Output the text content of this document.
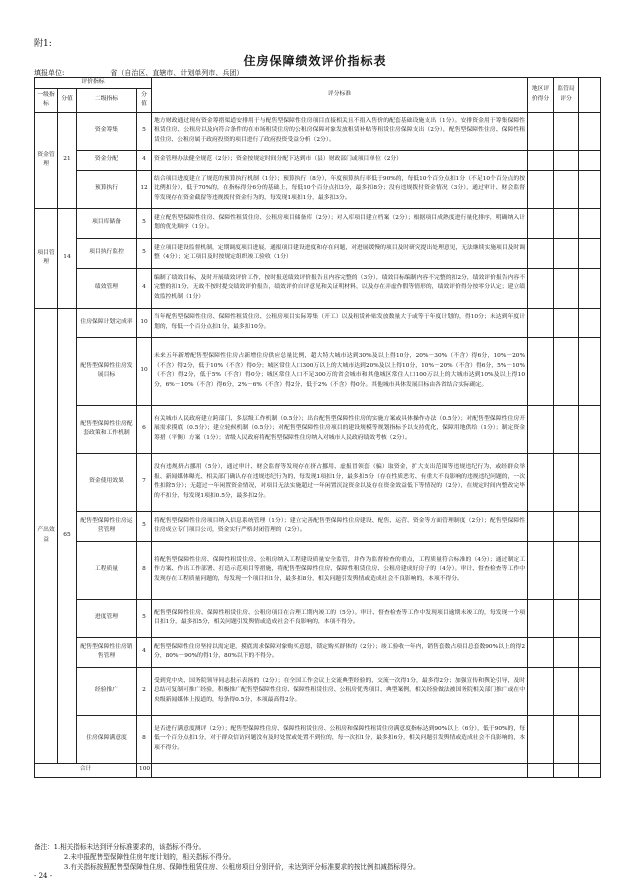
附1:
住房保障绩效评价指标表
填报单位:	省（自治区、直辖市、计划单列市、兵团）
评价指标				评分标准	地区评价得分	监管局评分	
一级指标	分值	二级指标	分值				
资金管理	21	资金筹集	5	地方财政通过现有资金筹措渠道安排用于与配售型保障性住房项目直接相关且不捐入售价的配套基础设施支出（1分）。安排资金用于筹集保障性租赁住房、公租房以及向符合条件的在市场租赁住房的公租房保障对象发放租赁补贴等租赁住房保障支出（2分），配售型保障性住房、保障性租赁住房、公租房属于政府投资的项目进行了政府投资受益分析（2分）。			
		资金分配	4	资金管理办法健全规范（2分）；资金按规定时间分配下达到市（县）财政部门或项目单位（2分）			
		预算执行	12	结合项目进度建立了规范的预算执行机制（1分）；预算执行（8分），年度预算执行率低于90%的，每低10个百分点扣1分（不足10个百分点的按比例扣分），低于70%的，在指标得分6分的基础上，每低10个百分点扣3分，最多扣8分；没有违规拨付资金情况（3分），通过审计、财会监督等发现存在资金截留等违规拨付资金行为的，每发现1项扣1分，最多扣3分。			
项目管理	14	项目库储备	5	建立配售型保障性住房、保障性租赁住房、公租房项目储备库（2分）；对入库项目建立档案（2分）；根据项目成熟度进行量化排序，明确纳入计划的优先顺序（1分）。			
		项目执行监控	5	建立项目建设监督机制，定期调度项目进展，通报项目建设进度和存在问题，对进展缓慢的项目及时研究提出处理意见，无法继续实施项目及时调整（4分）；定工项目及时按规定组织竣工验收（1分）			
		绩效管理	4	编制了绩效目标，及时开展绩效评价工作，按时报送绩效评价报告且内容完整的（3分），绩效目标编制内容不完整的扣2分，绩效评价报告内容不完整的扣1分，无故不按时提交绩效评价报告，绩效评价自评意见和关证明材料，以及存在弄虚作假等情形的，绩效评价得分按零分认定；建立绩效监控机制（1分）			
产出效益	65	住房保障计划完成率	10	当年配售型保障性住房、保障性租赁住房、公租房项目实际筹集（开工）以及租赁补贴发放数量大于或等于年度计划的，得10分；未达到年度计划的，每低一个百分点扣1分，最多扣10分。			
		配售型保障性住房发展目标	10	未来五年新增配售型保障性住房占新增住房供应总量比例，超大特大城市达到30%及以上得10分，20%－30%（不含）得6分，10%－20%（不含）得2分，低于10%（不含）得0分；城区常住人口300万以上的大城市达到20%及以上得10分，10%－20%（不含）得6分，5%－10%（不含）得2分，低于5%（不含）得0分；城区常住人口不足300万的省会城市和其他城区常住人口100万以上的大城市达到10%及以上得10分，6%－10%（不含）得6分，2%－6%（不含）得2分，低于2%（不含）得0分。其他城市具体发展目标由各省结合实际确定。			
		配售型保障性住房配套政策和工作机制	6	有关城市人民政府建立跨部门、多层级工作机制（0.5分）；出台配售型保障性住房的实施方案或具体操作办法（0.5分）；对配售型保障性住房开展需求摸底（0.5分）；建立轮候机制（0.5分）；对配售型保障性住房项目的建设规模等规划指标予以支持优化，保障用地供给（1分）；制定资金筹措（平衡）方案（1分）；省级人民政府将配售型保障性住房纳入对城市人民政府绩效考核（2分）。			
		资金使用效果	7	没有违规挤占挪用（5分），通过审计、财会监督等发现存在挤占挪用、虚报冒领套（骗）取资金，扩大支出范围等违规违纪行为，或经群众举报、新闻媒体曝光、相关部门确认存在违规违纪行为的，每发现1项扣1分，最多扣5分（存在性质恶劣、有重大不良影响的违规违纪问题的，一次性扣除5分）；无超过一年闲置资金情况，对项目无法实施超过一年闲置沉淀资金以及存在资金效益低下等情况的（2分），在规定时间内整改完毕的不扣分，每发现1项扣0.5分，最多扣2分。			
		配售型保障性住房运营管理	5	将配售型保障性住房项目纳入信息系统管理（1分）；建立完善配售型保障性住房建设、配售、运营、资金等方面管理制度（2分）；配售型保障性住房成立专门项目公司，资金实行严格封闭管理的（2分）。			
		工程质量	8	将配售型保障性住房、保障性租赁住房、公租房纳入工程建设质量安全监管，并作为监督检查的重点，工程质量符合标准的（4分）；通过制定工作方案、作出工作部署、打造示范项目等措施，将配售型保障性住房、保障性租赁住房、公租房建成好房子的（4分）。审计、督查检查等工作中发现存在工程质量问题的，每发现一个项目扣1分，最多扣8分，相关问题引发舆情或造成社会不良影响的，本项不得分。			
		进度管理	5	配售型保障性住房、保障性租赁住房、公租房项目在合理工期内竣工的（5分）。审计、督查检查等工作中发现项目逾期未竣工的，每发现一个项目扣1分，最多扣5分，相关问题引发舆情或造成社会不良影响的，本项不得分。			
		配售型保障性住房销售管理	4	配售型保障性住房坚持以需定建，摸底需求保障对象购买意愿，锁定购买群体的（2分）；竣工验收一年内，销售套数占项目总套数90%以上的得2分，80%－90%的得1分，80%以下的不得分。			
		经验推广	2	受到党中央、国务院领导同志批示表扬的（2分）；在全国工作会议上交流典型经验的，交流一次得1分，最多得2分；加强宣传和舆论引导，及时总结可复制可推广经验，积极推广配售型保障性住房、保障性租赁住房、公租房优秀项目、典型案例，相关经验做法被国务院相关部门推广或在中央级新闻媒体上报道的，每条得0.5分，本项最高得2分。			
		住房保障满意度	8	是否进行满意度测评（2分）；配售型保障性住房、保障性租赁住房、公租房和保障性租赁住房满意度指标达到90%以上（6分），低于90%的，每低一个百分点扣1分，对于群众信访问题没有及时处置或处置不到位的，每一次扣1分，最多扣6分，相关问题引发舆情或造成社会不良影响的，本项不得分。			
合计			100				
备注：1.相关指标未达到评分标准要求的，该指标不得分。
2.未申报配售型保障性住房年度计划的，相关指标不得分。
3.有关指标按照配售型保障性住房、保障性租赁住房、公租房项目分别评价，未达到评分标准要求的按比例扣减指标得分。
- 24 -
